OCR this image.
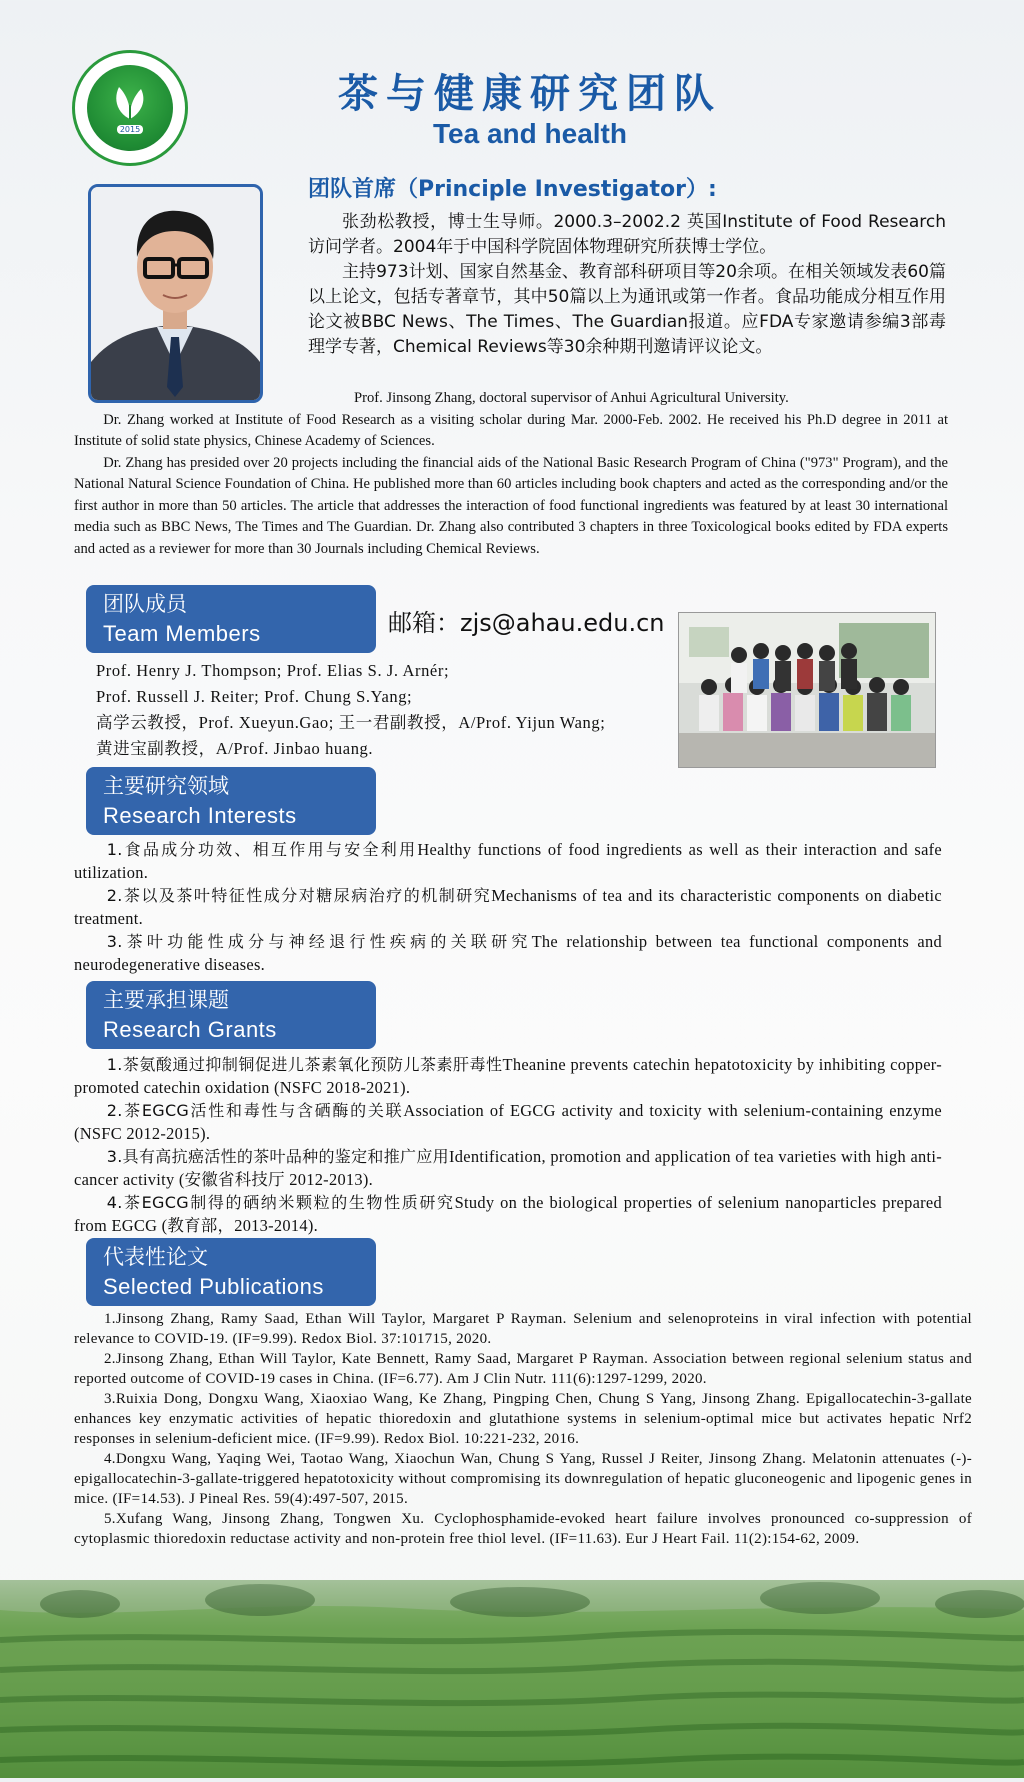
2015
茶与健康研究团队
Tea and health
团队首席（Principle Investigator）:

张劲松教授，博士生导师。2000.3–2002.2 英国Institute of Food Research访问学者。2004年于中国科学院固体物理研究所获博士学位。

主持973计划、国家自然基金、教育部科研项目等20余项。在相关领域发表60篇以上论文，包括专著章节，其中50篇以上为通讯或第一作者。食品功能成分相互作用论文被BBC News、The Times、The Guardian报道。应FDA专家邀请参编3部毒理学专著，Chemical Reviews等30余种期刊邀请评议论文。

Prof. Jinsong Zhang, doctoral supervisor of Anhui Agricultural University.

Dr. Zhang worked at Institute of Food Research as a visiting scholar during Mar. 2000-Feb. 2002. He received his Ph.D degree in 2011 at Institute of solid state physics, Chinese Academy of Sciences.

Dr. Zhang has presided over 20 projects including the financial aids of the National Basic Research Program of China ("973" Program), and the National Natural Science Foundation of China. He published more than 60 articles including book chapters and acted as the corresponding and/or the first author in more than 50 articles. The article that addresses the interaction of food functional ingredients was featured by at least 30 international media such as BBC News, The Times and The Guardian. Dr. Zhang also contributed 3 chapters in three Toxicological books edited by FDA experts and acted as a reviewer for more than 30 Journals including Chemical Reviews.

团队成员
Team Members	邮箱：zjs@ahau.edu.cn
Prof. Henry J. Thompson; Prof. Elias S. J. Arnér;
Prof. Russell J. Reiter; Prof. Chung S.Yang;
高学云教授，Prof. Xueyun.Gao; 王一君副教授，A/Prof. Yijun Wang;
黄进宝副教授，A/Prof. Jinbao huang.
主要研究领域
Research Interests

1.食品成分功效、相互作用与安全利用Healthy functions of food ingredients as well as their interaction and safe utilization.

2.茶以及茶叶特征性成分对糖尿病治疗的机制研究Mechanisms of tea and its characteristic components on diabetic treatment.

3.茶叶功能性成分与神经退行性疾病的关联研究The relationship between tea functional components and neurodegenerative diseases.

主要承担课题
Research Grants

1.茶氨酸通过抑制铜促进儿茶素氧化预防儿茶素肝毒性Theanine prevents catechin hepatotoxicity by inhibiting copper-promoted catechin oxidation (NSFC 2018-2021).

2.茶EGCG活性和毒性与含硒酶的关联Association of EGCG activity and toxicity with selenium-containing enzyme (NSFC 2012-2015).

3.具有高抗癌活性的茶叶品种的鉴定和推广应用Identification, promotion and application of tea varieties with high anti-cancer activity (安徽省科技厅 2012-2013).

4.茶EGCG制得的硒纳米颗粒的生物性质研究Study on the biological properties of selenium nanoparticles prepared from EGCG (教育部，2013-2014).

代表性论文
Selected Publications

1.Jinsong Zhang, Ramy Saad, Ethan Will Taylor, Margaret P Rayman. Selenium and selenoproteins in viral infection with potential relevance to COVID-19. (IF=9.99). Redox Biol. 37:101715, 2020.

2.Jinsong Zhang, Ethan Will Taylor, Kate Bennett, Ramy Saad, Margaret P Rayman. Association between regional selenium status and reported outcome of COVID-19 cases in China. (IF=6.77). Am J Clin Nutr. 111(6):1297-1299, 2020.

3.Ruixia Dong, Dongxu Wang, Xiaoxiao Wang, Ke Zhang, Pingping Chen, Chung S Yang, Jinsong Zhang. Epigallocatechin-3-gallate enhances key enzymatic activities of hepatic thioredoxin and glutathione systems in selenium-optimal mice but activates hepatic Nrf2 responses in selenium-deficient mice. (IF=9.99). Redox Biol. 10:221-232, 2016.

4.Dongxu Wang, Yaqing Wei, Taotao Wang, Xiaochun Wan, Chung S Yang, Russel J Reiter, Jinsong Zhang. Melatonin attenuates (-)-epigallocatechin-3-gallate-triggered hepatotoxicity without compromising its downregulation of hepatic gluconeogenic and lipogenic genes in mice. (IF=14.53). J Pineal Res. 59(4):497-507, 2015.

5.Xufang Wang, Jinsong Zhang, Tongwen Xu. Cyclophosphamide-evoked heart failure involves pronounced co-suppression of cytoplasmic thioredoxin reductase activity and non-protein free thiol level. (IF=11.63). Eur J Heart Fail. 11(2):154-62, 2009.
